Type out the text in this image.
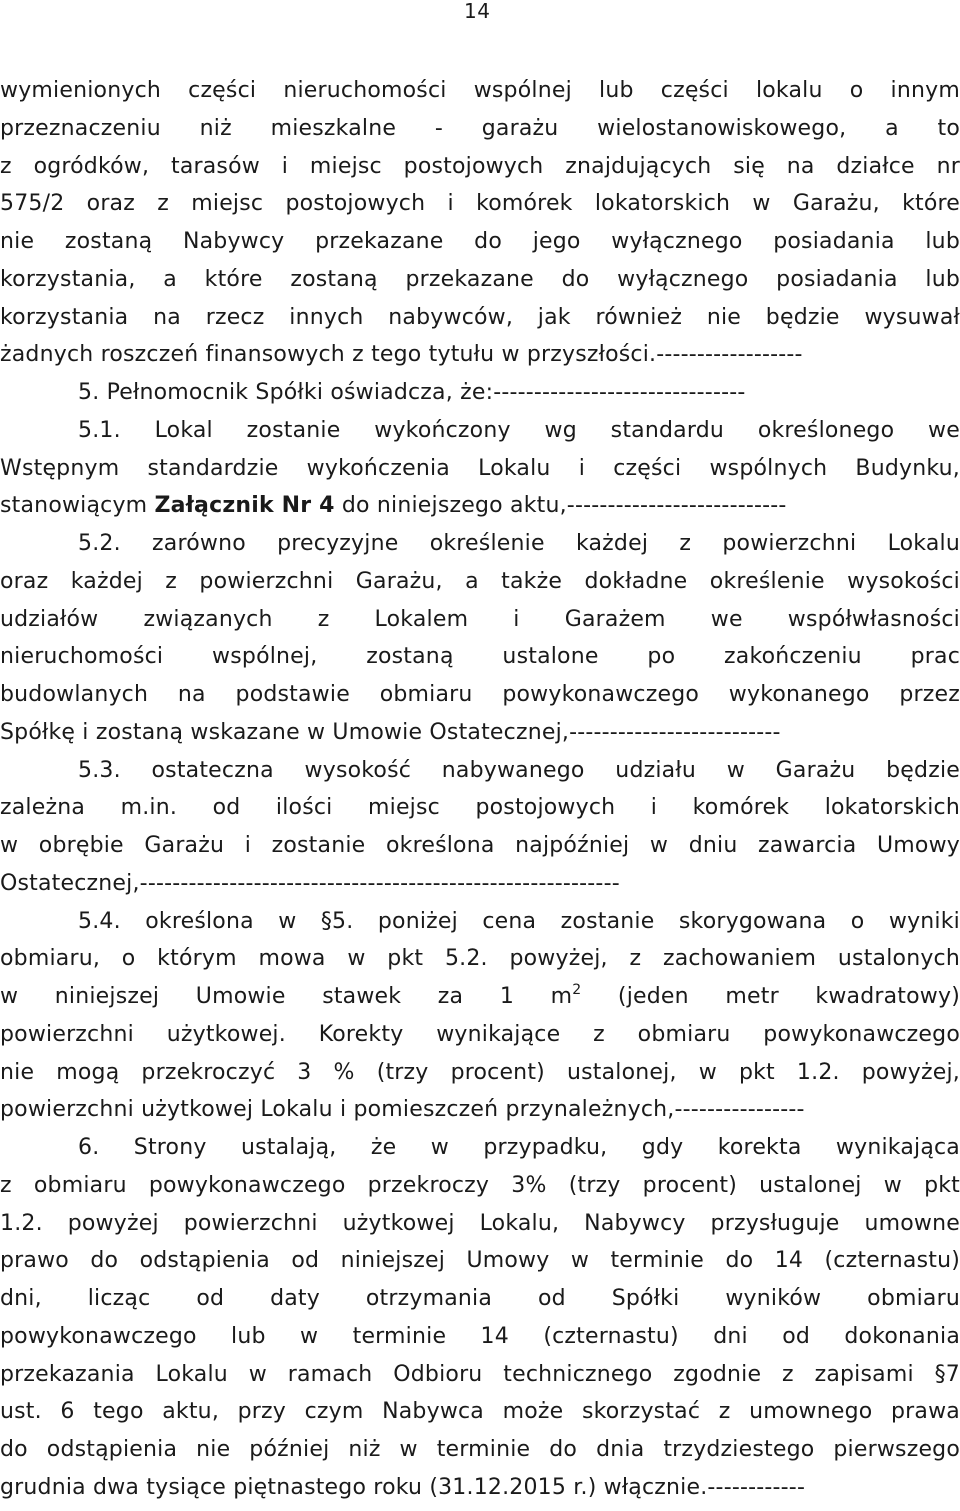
14
wymienionych części nieruchomości wspólnej lub części lokalu o innym
przeznaczeniu niż mieszkalne - garażu wielostanowiskowego, a to
z ogródków, tarasów i miejsc postojowych znajdujących się na działce nr
575/2 oraz z miejsc postojowych i komórek lokatorskich w Garażu, które
nie zostaną Nabywcy przekazane do jego wyłącznego posiadania lub
korzystania, a które zostaną przekazane do wyłącznego posiadania lub
korzystania na rzecz innych nabywców, jak również nie będzie wysuwał
żadnych roszczeń finansowych z tego tytułu w przyszłości.------------------
5. Pełnomocnik Spółki oświadcza, że:-------------------------------
5.1. Lokal zostanie wykończony wg standardu określonego we
Wstępnym standardzie wykończenia Lokalu i części wspólnych Budynku,
stanowiącym Załącznik Nr 4 do niniejszego aktu,---------------------------
5.2. zarówno precyzyjne określenie każdej z powierzchni Lokalu
oraz każdej z powierzchni Garażu, a także dokładne określenie wysokości
udziałów związanych z Lokalem i Garażem we współwłasności
nieruchomości wspólnej, zostaną ustalone po zakończeniu prac
budowlanych na podstawie obmiaru powykonawczego wykonanego przez
Spółkę i zostaną wskazane w Umowie Ostatecznej,--------------------------
5.3. ostateczna wysokość nabywanego udziału w Garażu będzie
zależna m.in. od ilości miejsc postojowych i komórek lokatorskich
w obrębie Garażu i zostanie określona najpóźniej w dniu zawarcia Umowy
Ostatecznej,-----------------------------------------------------------
5.4. określona w §5. poniżej cena zostanie skorygowana o wyniki
obmiaru, o którym mowa w pkt 5.2. powyżej, z zachowaniem ustalonych
w niniejszej Umowie stawek za 1 $m^2$ (jeden metr kwadratowy)
powierzchni użytkowej. Korekty wynikające z obmiaru powykonawczego
nie mogą przekroczyć 3 % (trzy procent) ustalonej, w pkt 1.2. powyżej,
powierzchni użytkowej Lokalu i pomieszczeń przynależnych,----------------
6. Strony ustalają, że w przypadku, gdy korekta wynikająca
z obmiaru powykonawczego przekroczy 3% (trzy procent) ustalonej w pkt
1.2. powyżej powierzchni użytkowej Lokalu, Nabywcy przysługuje umowne
prawo do odstąpienia od niniejszej Umowy w terminie do 14 (czternastu)
dni, licząc od daty otrzymania od Spółki wyników obmiaru
powykonawczego lub w terminie 14 (czternastu) dni od dokonania
przekazania Lokalu w ramach Odbioru technicznego zgodnie z zapisami §7
ust. 6 tego aktu, przy czym Nabywca może skorzystać z umownego prawa
do odstąpienia nie później niż w terminie do dnia trzydziestego pierwszego
grudnia dwa tysiące piętnastego roku (31.12.2015 r.) włącznie.------------
